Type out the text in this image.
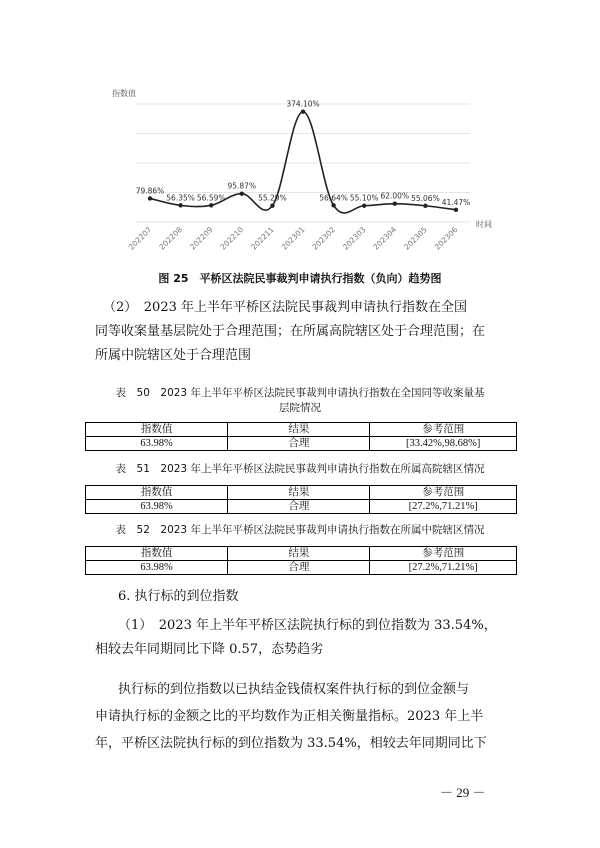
指数值
时间
79.86%
202207
56.35%
202208
56.59%
202209
95.87%
202210
55.29%
202211
374.10%
202301
56.64%
202302
55.10%
202303
62.00%
202304
55.06%
202305
41.47%
202306
图 25　平桥区法院民事裁判申请执行指数（负向）趋势图

（2）　2023 年上半年平桥区法院民事裁判申请执行指数在全国

同等收案量基层院处于合理范围；在所属高院辖区处于合理范围；在

所属中院辖区处于合理范围

表　50　2023 年上半年平桥区法院民事裁判申请执行指数在全国同等收案量基
层院情况
指数值	结果	参考范围
63.98%	合理	[33.42%,98.68%]
表　51　2023 年上半年平桥区法院民事裁判申请执行指数在所属高院辖区情况
指数值	结果	参考范围
63.98%	合理	[27.2%,71.21%]
表　52　2023 年上半年平桥区法院民事裁判申请执行指数在所属中院辖区情况
指数值	结果	参考范围
63.98%	合理	[27.2%,71.21%]

6. 执行标的到位指数

（1）　2023 年上半年平桥区法院执行标的到位指数为 33.54%，

相较去年同期同比下降 0.57，态势趋劣

执行标的到位指数以已执结金钱债权案件执行标的到位金额与

申请执行标的金额之比的平均数作为正相关衡量指标。2023 年上半

年，平桥区法院执行标的到位指数为 33.54%，相较去年同期同比下

－ 29 －
